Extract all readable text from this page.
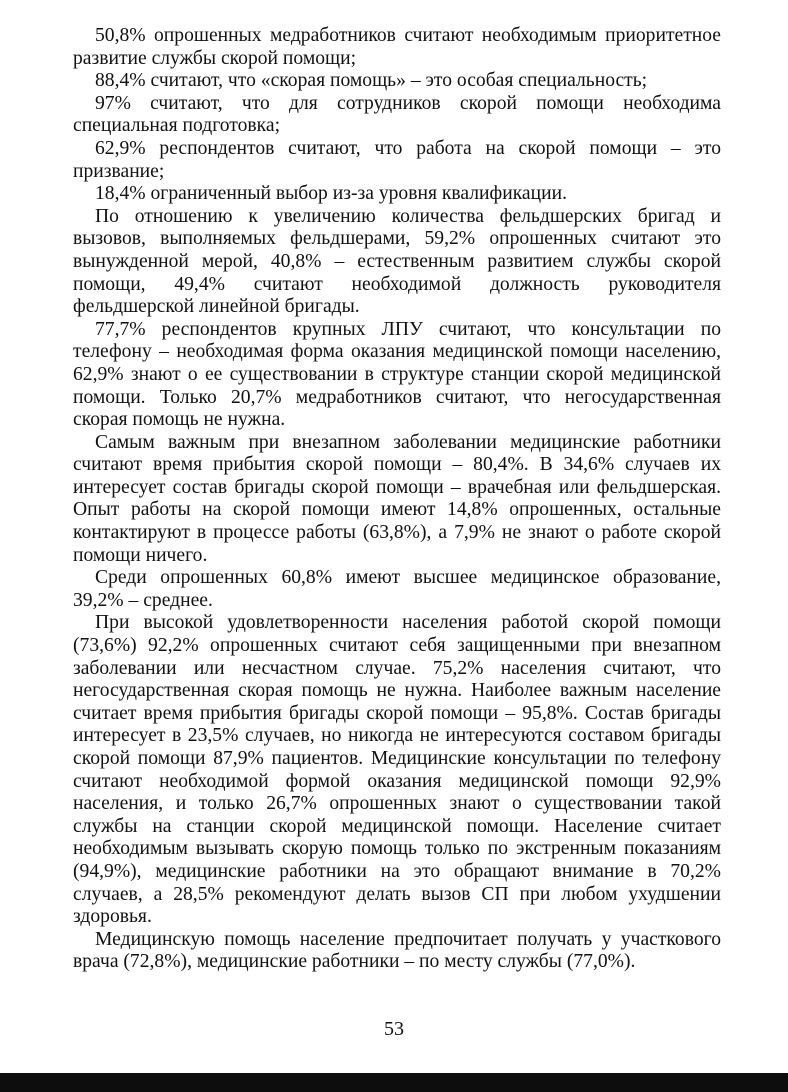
50,8% опрошенных медработников считают необходимым приоритетное развитие службы скорой помощи;

88,4% считают, что «скорая помощь» – это особая специальность;

97% считают, что для сотрудников скорой помощи необходима специальная подготовка;

62,9% респондентов считают, что работа на скорой помощи – это призвание;

18,4% ограниченный выбор из-за уровня квалификации.

По отношению к увеличению количества фельдшерских бригад и вызовов, выполняемых фельдшерами, 59,2% опрошенных считают это вынужденной мерой, 40,8% – естественным развитием службы скорой помощи, 49,4% считают необходимой должность руководителя фельдшерской линейной бригады.

77,7% респондентов крупных ЛПУ считают, что консультации по телефону – необходимая форма оказания медицинской помощи населению, 62,9% знают о ее существовании в структуре станции скорой медицинской помощи. Только 20,7% медработников считают, что негосударственная скорая помощь не нужна.

Самым важным при внезапном заболевании медицинские работники считают время прибытия скорой помощи – 80,4%. В 34,6% случаев их интересует состав бригады скорой помощи – врачебная или фельдшерская. Опыт работы на скорой помощи имеют 14,8% опрошенных, остальные контактируют в процессе работы (63,8%), а 7,9% не знают о работе скорой помощи ничего.

Среди опрошенных 60,8% имеют высшее медицинское образование, 39,2% – среднее.

При высокой удовлетворенности населения работой скорой помощи (73,6%) 92,2% опрошенных считают себя защищенными при внезапном заболевании или несчастном случае. 75,2% населения считают, что негосударственная скорая помощь не нужна. Наиболее важным население считает время прибытия бригады скорой помощи – 95,8%. Состав бригады интересует в 23,5% случаев, но никогда не интересуются составом бригады скорой помощи 87,9% пациентов. Медицинские консультации по телефону считают необходимой формой оказания медицинской помощи 92,9% населения, и только 26,7% опрошенных знают о существовании такой службы на станции скорой медицинской помощи. Население считает необходимым вызывать скорую помощь только по экстренным показаниям (94,9%), медицинские работники на это обращают внимание в 70,2% случаев, а 28,5% рекомендуют делать вызов СП при любом ухудшении здоровья.

Медицинскую помощь население предпочитает получать у участкового врача (72,8%), медицинские работники – по месту службы (77,0%).

53
